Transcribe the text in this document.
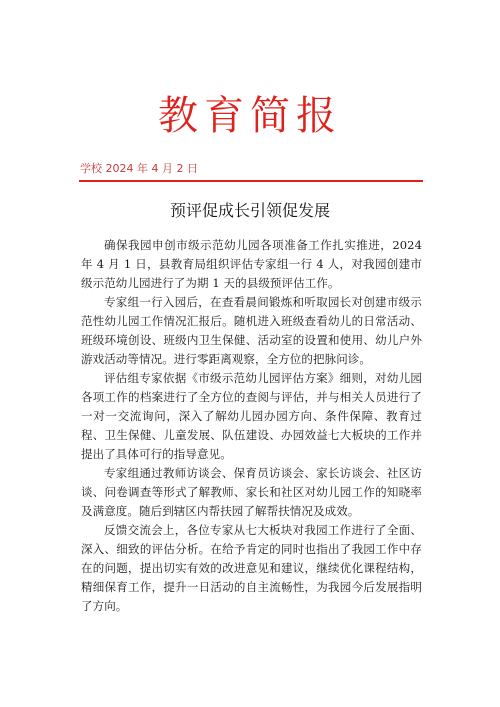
教育简报
学校 2024 年 4 月 2 日
预评促成长引领促发展

确保我园申创市级示范幼儿园各项准备工作扎实推进，2024 年 4 月 1 日，县教育局组织评估专家组一行 4 人，对我园创建市级示范幼儿园进行了为期 1 天的县级预评估工作。

专家组一行入园后，在查看晨间锻炼和听取园长对创建市级示范性幼儿园工作情况汇报后。随机进入班级查看幼儿的日常活动、班级环境创设、班级内卫生保健、活动室的设置和使用、幼儿户外游戏活动等情况。进行零距离观察，全方位的把脉问诊。

评估组专家依据《市级示范幼儿园评估方案》细则，对幼儿园各项工作的档案进行了全方位的查阅与评估，并与相关人员进行了一对一交流询问，深入了解幼儿园办园方向、条件保障、教育过程、卫生保健、儿童发展、队伍建设、办园效益七大板块的工作并提出了具体可行的指导意见。

专家组通过教师访谈会、保育员访谈会、家长访谈会、社区访谈、问卷调查等形式了解教师、家长和社区对幼儿园工作的知晓率及满意度。随后到辖区内帮扶园了解帮扶情况及成效。

反馈交流会上，各位专家从七大板块对我园工作进行了全面、深入、细致的评估分析。在给予肯定的同时也指出了我园工作中存在的问题，提出切实有效的改进意见和建议，继续优化课程结构，精细保育工作，提升一日活动的自主流畅性，为我园今后发展指明了方向。
